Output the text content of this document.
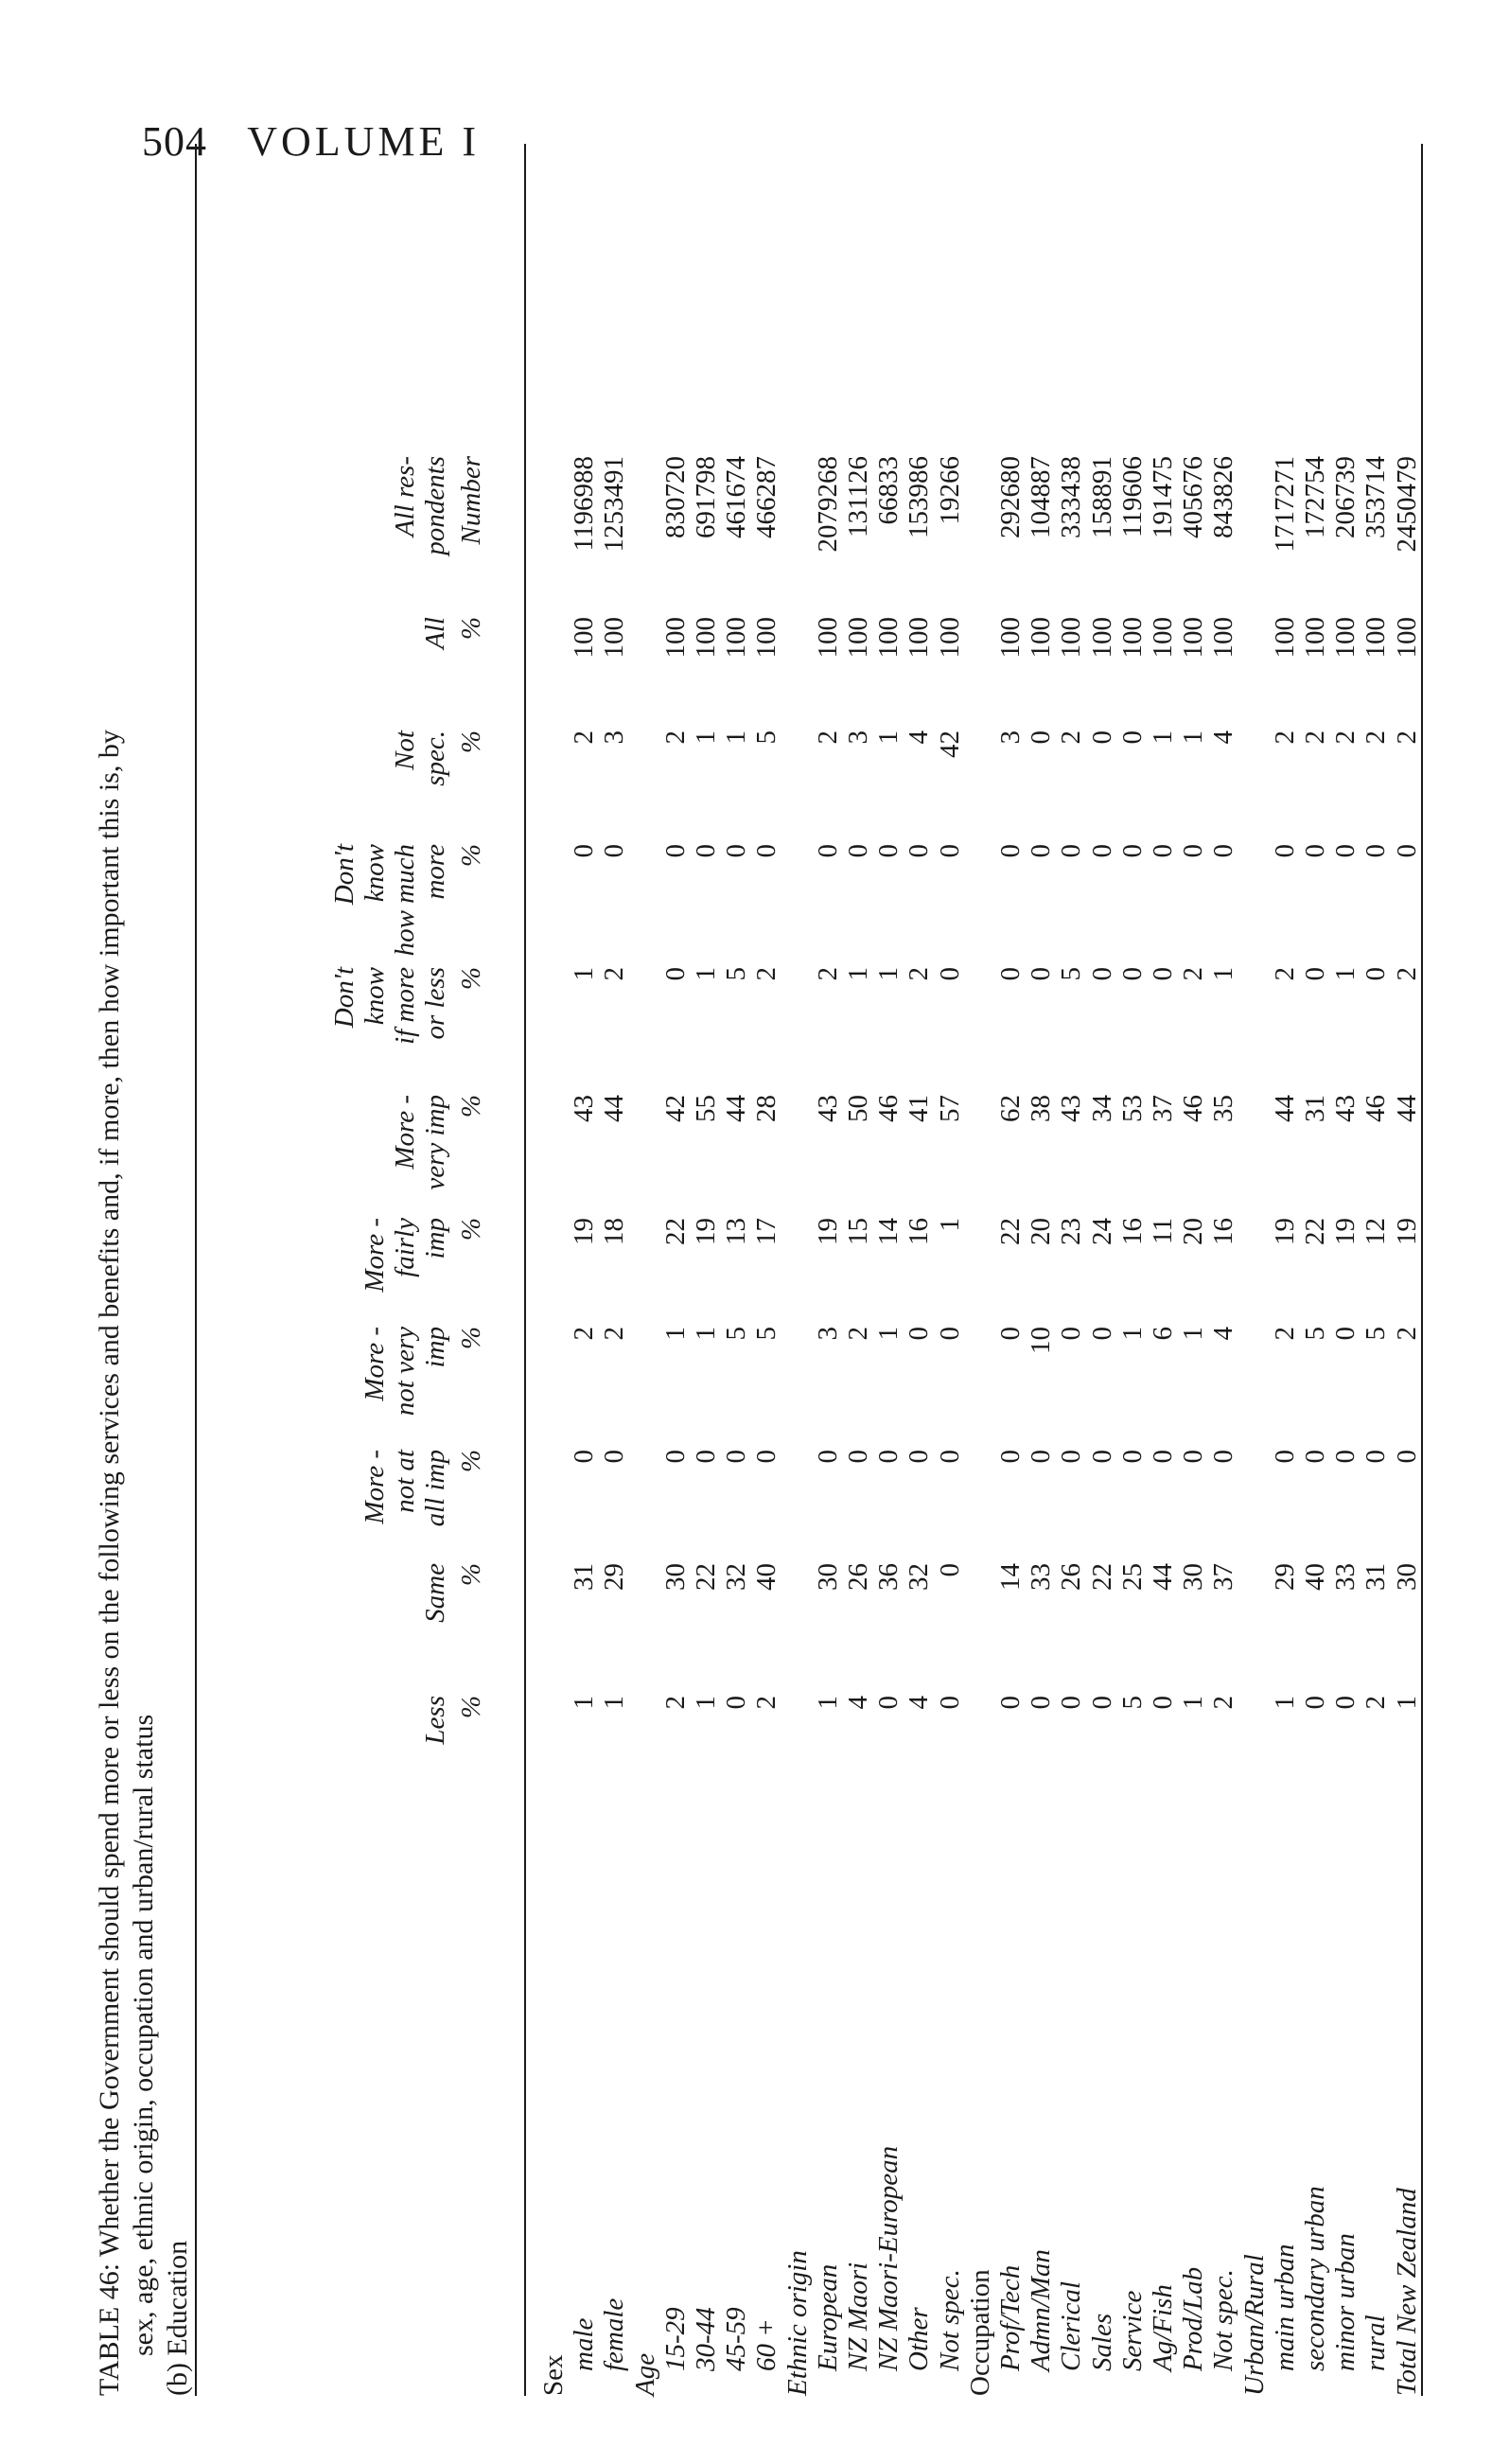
504 VOLUME I
TABLE 46: Whether the Government should spend more or less on the following services and benefits and, if more, then how important this is, by sex, age, ethnic origin, occupation and urban/rural status (b) Education

Less %

Same %

More - not at all imp %

More - not very imp %

More - fairly imp %

More - very imp %
Don't know if more or less %
Don't know how much more %

Not spec. %

All %

All res- pondents Number
Sex
male
1
31
0
2
19
43
1
0
2
100
1196988
female
1
29
0
2
18
44
2
0
3
100
1253491
Age
15-29
2
30
0
1
22
42
0
0
2
100
830720
30-44
1
22
0
1
19
55
1
0
1
100
691798
45-59
0
32
0
5
13
44
5
0
1
100
461674
60 +
2
40
0
5
17
28
2
0
5
100
466287
Ethnic origin European
1
30
0
3
19
43
2
0
2
100
2079268
NZ Maori
4
26
0
2
15
50
1
0
3
100
131126
NZ Maori-European
0
36
0
1
14
46
1
0
1
100
66833
Other
4
32
0
0
16
41
2
0
4
100
153986
Not spec.
0
0
0
0
1
57
0
0
42
100
19266
Occupation Prof/Tech
0
14
0
0
22
62
0
0
3
100
292680
Admn/Man
0
33
0
10
20
38
0
0
0
100
104887
Clerical
0
26
0
0
23
43
5
0
2
100
333438
Sales
0
22
0
0
24
34
0
0
0
100
158891
Service
5
25
0
1
16
53
0
0
0
100
119606
Ag/Fish
0
44
0
6
11
37
0
0
1
100
191475
Prod/Lab
1
30
0
1
20
46
2
0
1
100
405676
Not spec.
2
37
0
4
16
35
1
0
4
100
843826
Urban/Rural main urban
1
29
0
2
19
44
2
0
2
100
1717271
secondary urban
0
40
0
5
22
31
0
0
2
100
172754
minor urban
0
33
0
0
19
43
1
0
2
100
206739
rural
2
31
0
5
12
46
0
0
2
100
353714
Total New Zealand
1
30
0
2
19
44
2
0
2
100
2450479
